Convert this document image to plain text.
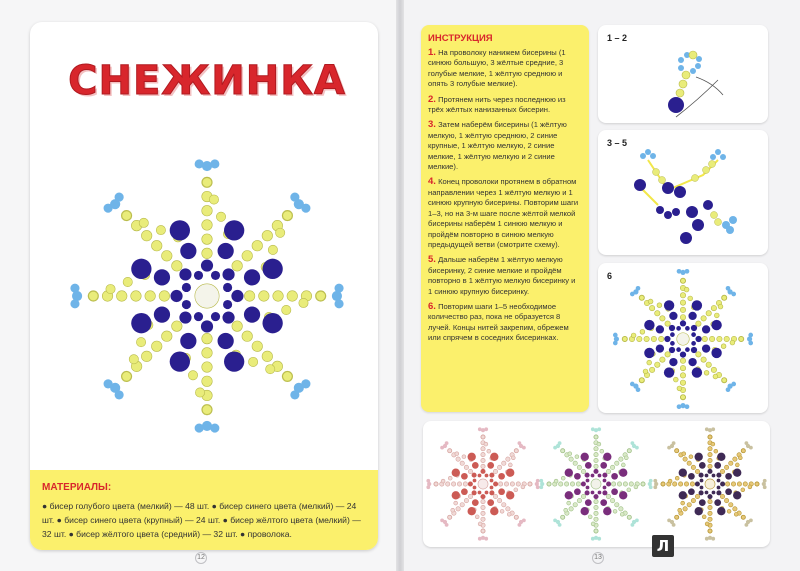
СНЕЖИНКА
МАТЕРИАЛЫ:
● бисер голубого цвета (мелкий) — 48 шт. ● бисер синего цвета (мелкий) — 24 шт. ● бисер синего цвета (крупный) — 24 шт. ● бисер жёлтого цвета (мелкий) — 32 шт. ● бисер жёлтого цвета (средний) — 32 шт. ● проволока.
12
ИНСТРУКЦИЯ
1. На проволоку нанижем бисерины (1 синюю большую, 3 жёлтые средние, 3 голубые мелкие, 1 жёлтую среднюю и опять 3 голубые мелкие).
2. Протянем нить через последнюю из трёх жёлтых нанизанных бисерин.
3. Затем наберём бисерины (1 жёлтую мелкую, 1 жёлтую среднюю, 2 синие крупные, 1 жёлтую мелкую, 2 синие мелкие, 1 жёлтую мелкую и 2 синие мелкие).
4. Конец проволоки протянем в обратном направлении через 1 жёлтую мелкую и 1 синюю крупную бисерины. Повторим шаги 1–3, но на 3-м шаге после жёлтой мелкой бисерины наберём 1 синюю мелкую и пройдём повторно в синюю мелкую предыдущей ветви (смотрите схему).
5. Дальше наберём 1 жёлтую мелкую бисеринку, 2 синие мелкие и пройдём повторно в 1 жёлтую мелкую бисеринку и 1 синюю крупную бисеринку.
6. Повторим шаги 1–5 необходимое количество раз, пока не образуется 8 лучей. Концы нитей закрепим, обрежем или спрячем в соседних бисеринках.
1 – 2
3 – 5
6
13
Л
